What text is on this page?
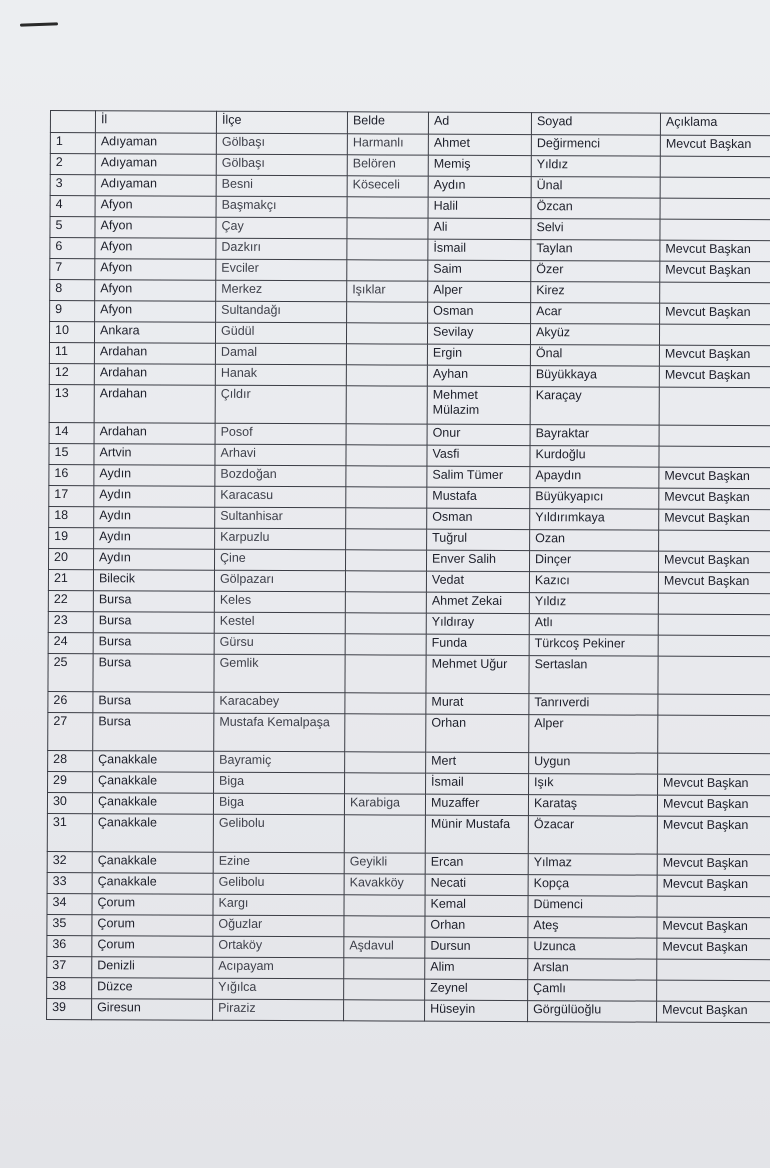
	İl	İlçe	Belde	Ad	Soyad	Açıklama
1	Adıyaman	Gölbaşı	Harmanlı	Ahmet	Değirmenci	Mevcut Başkan
2	Adıyaman	Gölbaşı	Belören	Memiş	Yıldız	
3	Adıyaman	Besni	Köseceli	Aydın	Ünal	
4	Afyon	Başmakçı		Halil	Özcan	
5	Afyon	Çay		Ali	Selvi	
6	Afyon	Dazkırı		İsmail	Taylan	Mevcut Başkan
7	Afyon	Evciler		Saim	Özer	Mevcut Başkan
8	Afyon	Merkez	Işıklar	Alper	Kirez	
9	Afyon	Sultandağı		Osman	Acar	Mevcut Başkan
10	Ankara	Güdül		Sevilay	Akyüz	
11	Ardahan	Damal		Ergin	Önal	Mevcut Başkan
12	Ardahan	Hanak		Ayhan	Büyükkaya	Mevcut Başkan
13	Ardahan	Çıldır		Mehmet Mülazim	Karaçay	
14	Ardahan	Posof		Onur	Bayraktar	
15	Artvin	Arhavi		Vasfi	Kurdoğlu	
16	Aydın	Bozdoğan		Salim Tümer	Apaydın	Mevcut Başkan
17	Aydın	Karacasu		Mustafa	Büyükyapıcı	Mevcut Başkan
18	Aydın	Sultanhisar		Osman	Yıldırımkaya	Mevcut Başkan
19	Aydın	Karpuzlu		Tuğrul	Ozan	
20	Aydın	Çine		Enver Salih	Dinçer	Mevcut Başkan
21	Bilecik	Gölpazarı		Vedat	Kazıcı	Mevcut Başkan
22	Bursa	Keles		Ahmet Zekai	Yıldız	
23	Bursa	Kestel		Yıldıray	Atlı	
24	Bursa	Gürsu		Funda	Türkcoş Pekiner	
25	Bursa	Gemlik		Mehmet Uğur	Sertaslan	
26	Bursa	Karacabey		Murat	Tanrıverdi	
27	Bursa	Mustafa Kemalpaşa		Orhan	Alper	
28	Çanakkale	Bayramiç		Mert	Uygun	
29	Çanakkale	Biga		İsmail	Işık	Mevcut Başkan
30	Çanakkale	Biga	Karabiga	Muzaffer	Karataş	Mevcut Başkan
31	Çanakkale	Gelibolu		Münir Mustafa	Özacar	Mevcut Başkan
32	Çanakkale	Ezine	Geyikli	Ercan	Yılmaz	Mevcut Başkan
33	Çanakkale	Gelibolu	Kavakköy	Necati	Kopça	Mevcut Başkan
34	Çorum	Kargı		Kemal	Dümenci	
35	Çorum	Oğuzlar		Orhan	Ateş	Mevcut Başkan
36	Çorum	Ortaköy	Aşdavul	Dursun	Uzunca	Mevcut Başkan
37	Denizli	Acıpayam		Alim	Arslan	
38	Düzce	Yığılca		Zeynel	Çamlı	
39	Giresun	Piraziz		Hüseyin	Görgülüoğlu	Mevcut Başkan
